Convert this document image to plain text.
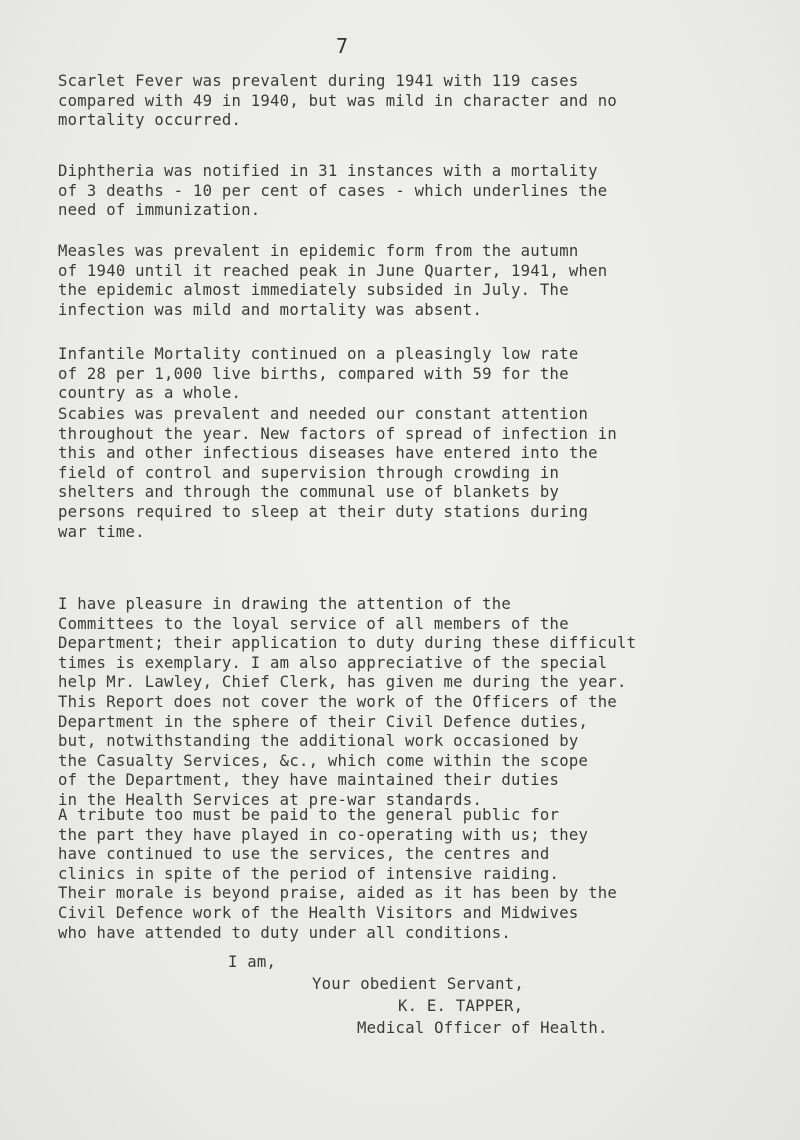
7

Scarlet Fever was prevalent during 1941 with 119 cases
compared with 49 in 1940, but was mild in character and no
mortality occurred.

Diphtheria was notified in 31 instances with a mortality
of 3 deaths - 10 per cent of cases - which underlines the
need of immunization.

Measles was prevalent in epidemic form from the autumn
of 1940 until it reached peak in June Quarter, 1941, when
the epidemic almost immediately subsided in July. The
infection was mild and mortality was absent.

Infantile Mortality continued on a pleasingly low rate
of 28 per 1,000 live births, compared with 59 for the
country as a whole.

Scabies was prevalent and needed our constant attention
throughout the year. New factors of spread of infection in
this and other infectious diseases have entered into the
field of control and supervision through crowding in
shelters and through the communal use of blankets by
persons required to sleep at their duty stations during
war time.

I have pleasure in drawing the attention of the
Committees to the loyal service of all members of the
Department; their application to duty during these difficult
times is exemplary. I am also appreciative of the special
help Mr. Lawley, Chief Clerk, has given me during the year.
This Report does not cover the work of the Officers of the
Department in the sphere of their Civil Defence duties,
but, notwithstanding the additional work occasioned by
the Casualty Services, &c., which come within the scope
of the Department, they have maintained their duties
in the Health Services at pre-war standards.

A tribute too must be paid to the general public for
the part they have played in co-operating with us; they
have continued to use the services, the centres and
clinics in spite of the period of intensive raiding.
Their morale is beyond praise, aided as it has been by the
Civil Defence work of the Health Visitors and Midwives
who have attended to duty under all conditions.

I am,
Your obedient Servant,
K. E. TAPPER,
Medical Officer of Health.
